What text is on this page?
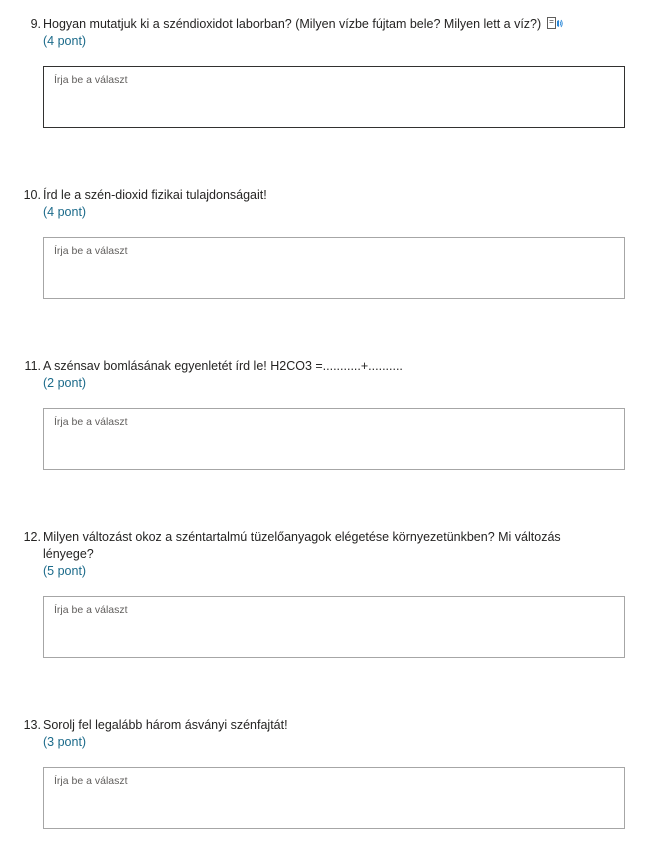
9. Hogyan mutatjuk ki a széndioxidot laborban? (Milyen vízbe fújtam bele? Milyen lett a víz?)
(4 pont)
Írja be a választ
10. Írd le a szén-dioxid fizikai tulajdonságait!
(4 pont)
Írja be a választ
11. A szénsav bomlásának egyenletét írd le! H2CO3 =...........+..........
(2 pont)
Írja be a választ
12. Milyen változást okoz a széntartalmú tüzelőanyagok elégetése környezetünkben? Mi változás lényege?
(5 pont)
Írja be a választ
13. Sorolj fel legalább három ásványi szénfajtát!
(3 pont)
Írja be a választ
